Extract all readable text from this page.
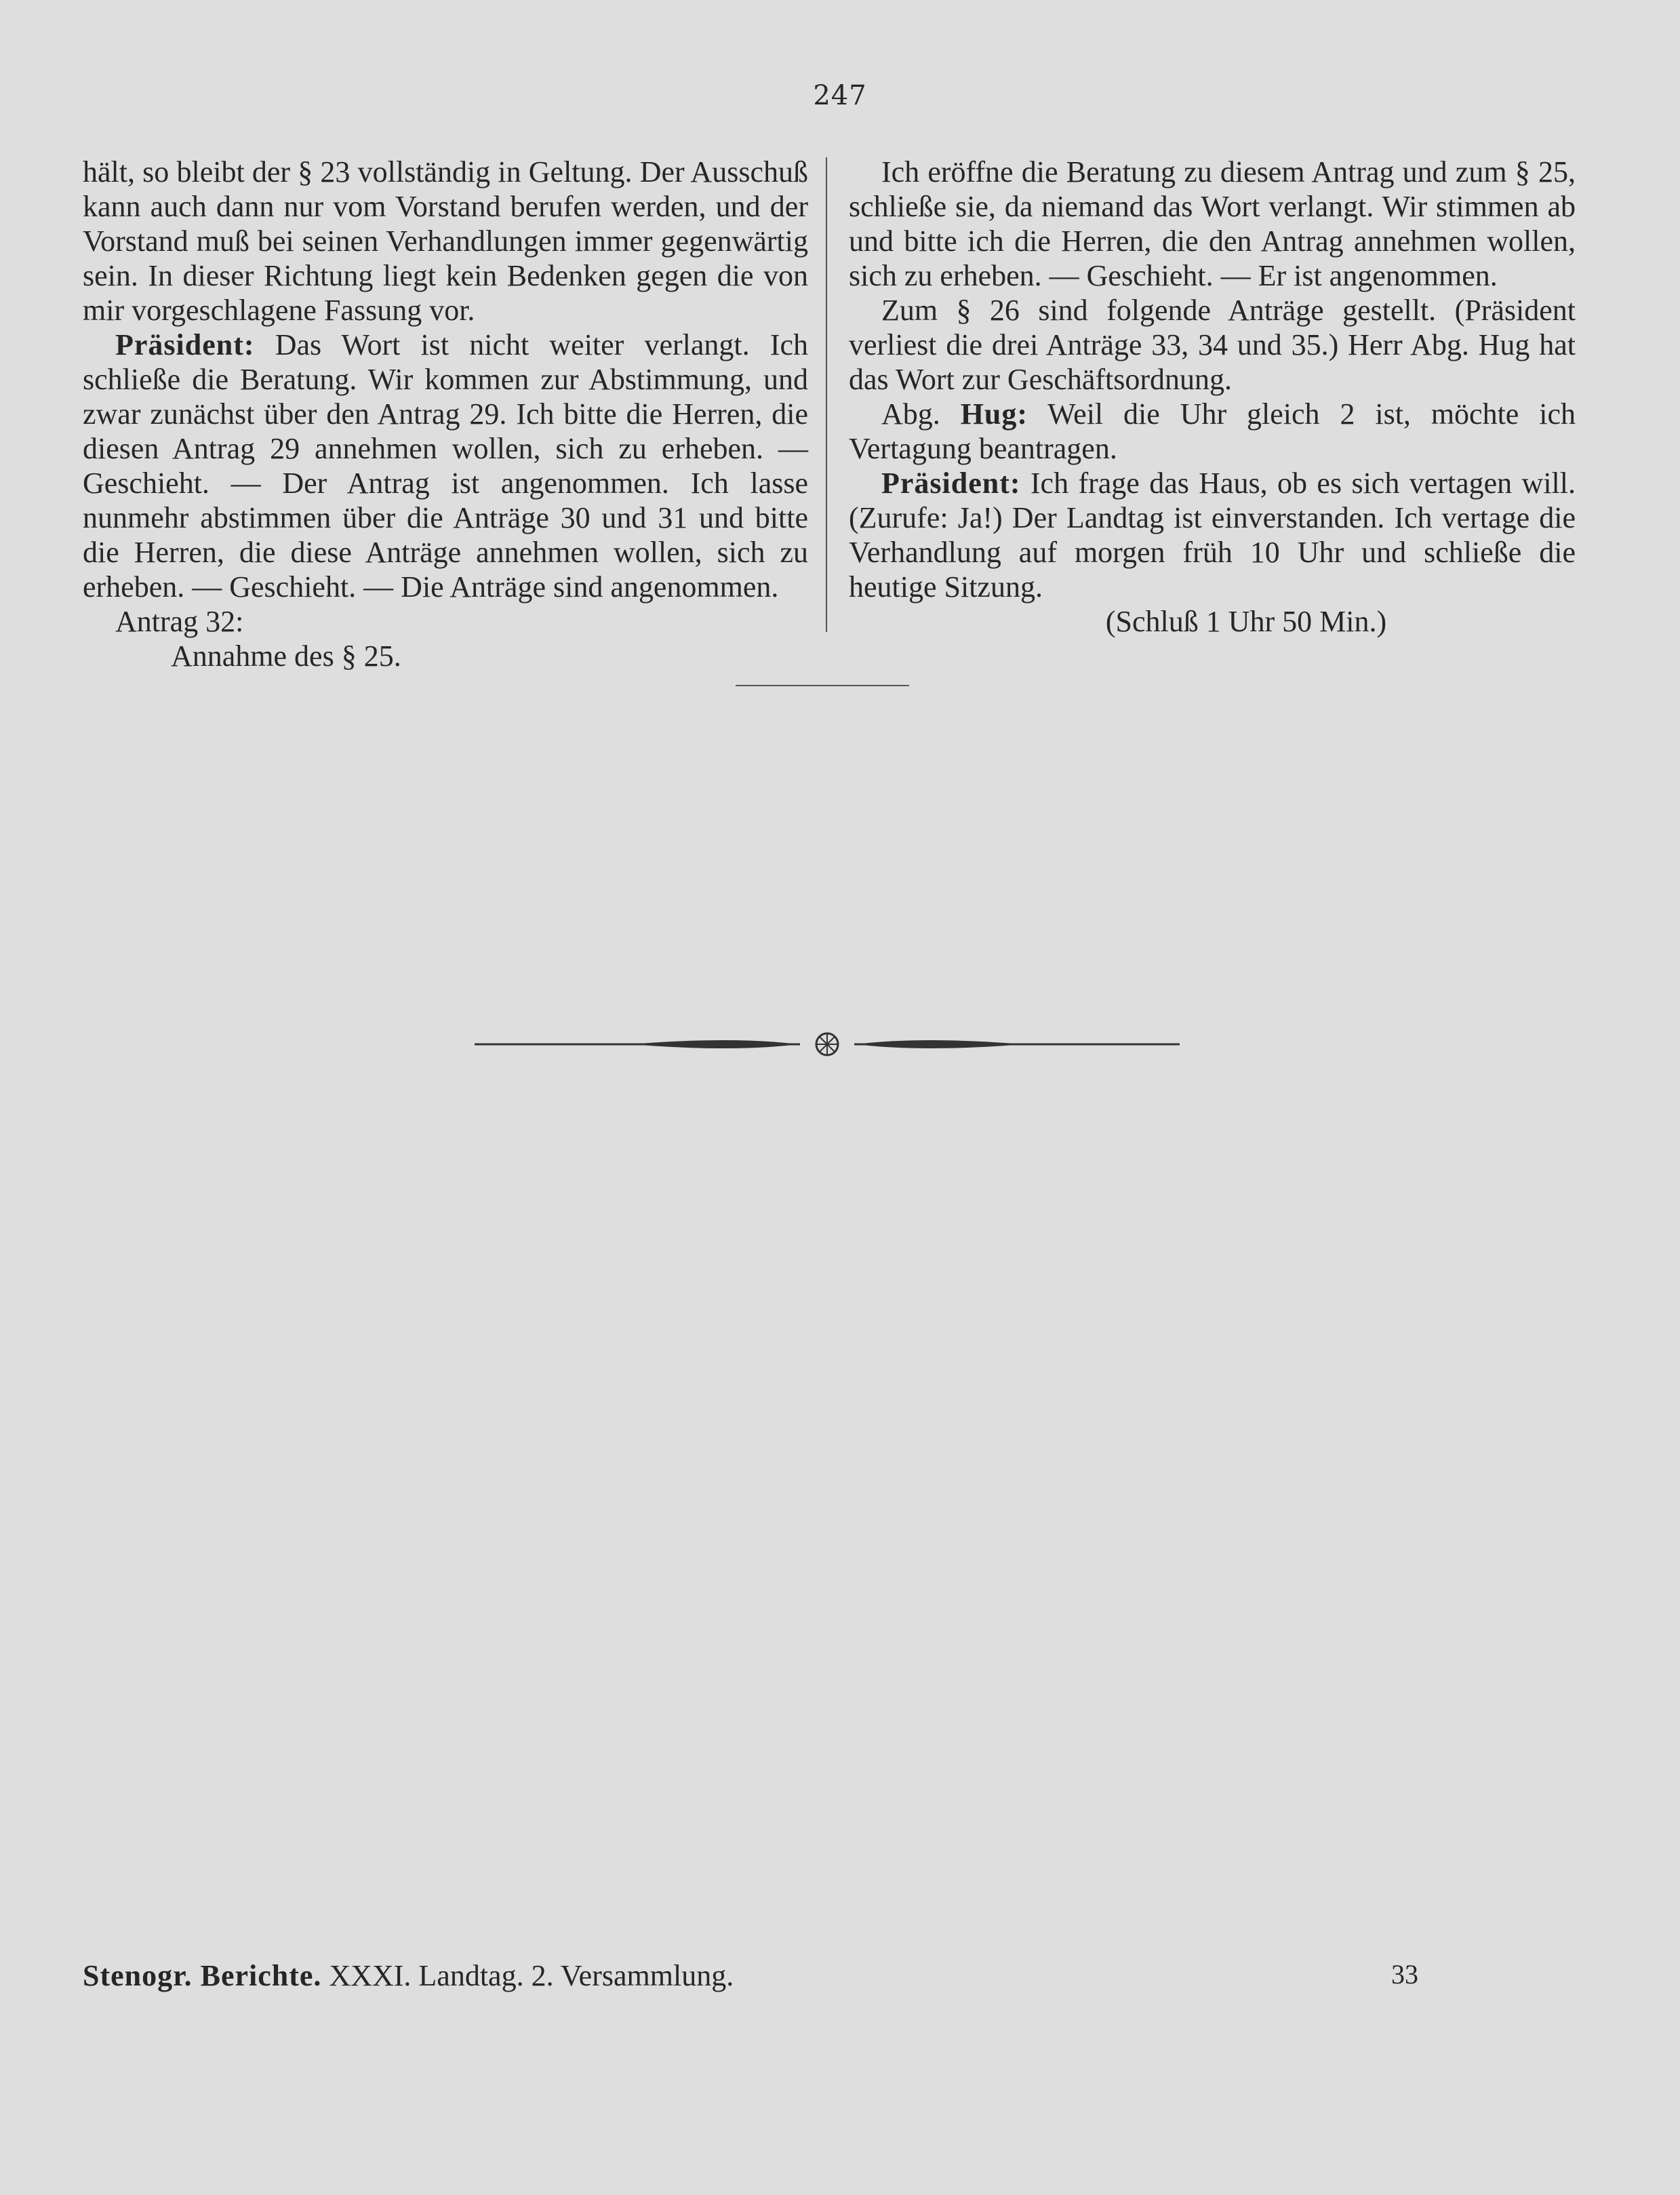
247

hält, so bleibt der § 23 vollständig in Geltung. Der Ausschuß kann auch dann nur vom Vorstand berufen werden, und der Vorstand muß bei seinen Verhandlungen immer gegenwärtig sein. In dieser Richtung liegt kein Bedenken gegen die von mir vorgeschlagene Fassung vor.

Präsident: Das Wort ist nicht weiter verlangt. Ich schließe die Beratung. Wir kommen zur Abstimmung, und zwar zunächst über den Antrag 29. Ich bitte die Herren, die diesen Antrag 29 annehmen wollen, sich zu erheben. — Geschieht. — Der Antrag ist angenommen. Ich lasse nunmehr abstimmen über die Anträge 30 und 31 und bitte die Herren, die diese Anträge annehmen wollen, sich zu erheben. — Geschieht. — Die Anträge sind angenommen.

Antrag 32:

Annahme des § 25.

Ich eröffne die Beratung zu diesem Antrag und zum § 25, schließe sie, da niemand das Wort verlangt. Wir stimmen ab und bitte ich die Herren, die den Antrag annehmen wollen, sich zu erheben. — Geschieht. — Er ist angenommen.

Zum § 26 sind folgende Anträge gestellt. (Präsident verliest die drei Anträge 33, 34 und 35.) Herr Abg. Hug hat das Wort zur Geschäftsordnung.

Abg. Hug: Weil die Uhr gleich 2 ist, möchte ich Vertagung beantragen.

Präsident: Ich frage das Haus, ob es sich vertagen will. (Zurufe: Ja!) Der Landtag ist einverstanden. Ich vertage die Verhandlung auf morgen früh 10 Uhr und schließe die heutige Sitzung.

(Schluß 1 Uhr 50 Min.)

Stenogr. Berichte. XXXI. Landtag. 2. Versammlung.	33
